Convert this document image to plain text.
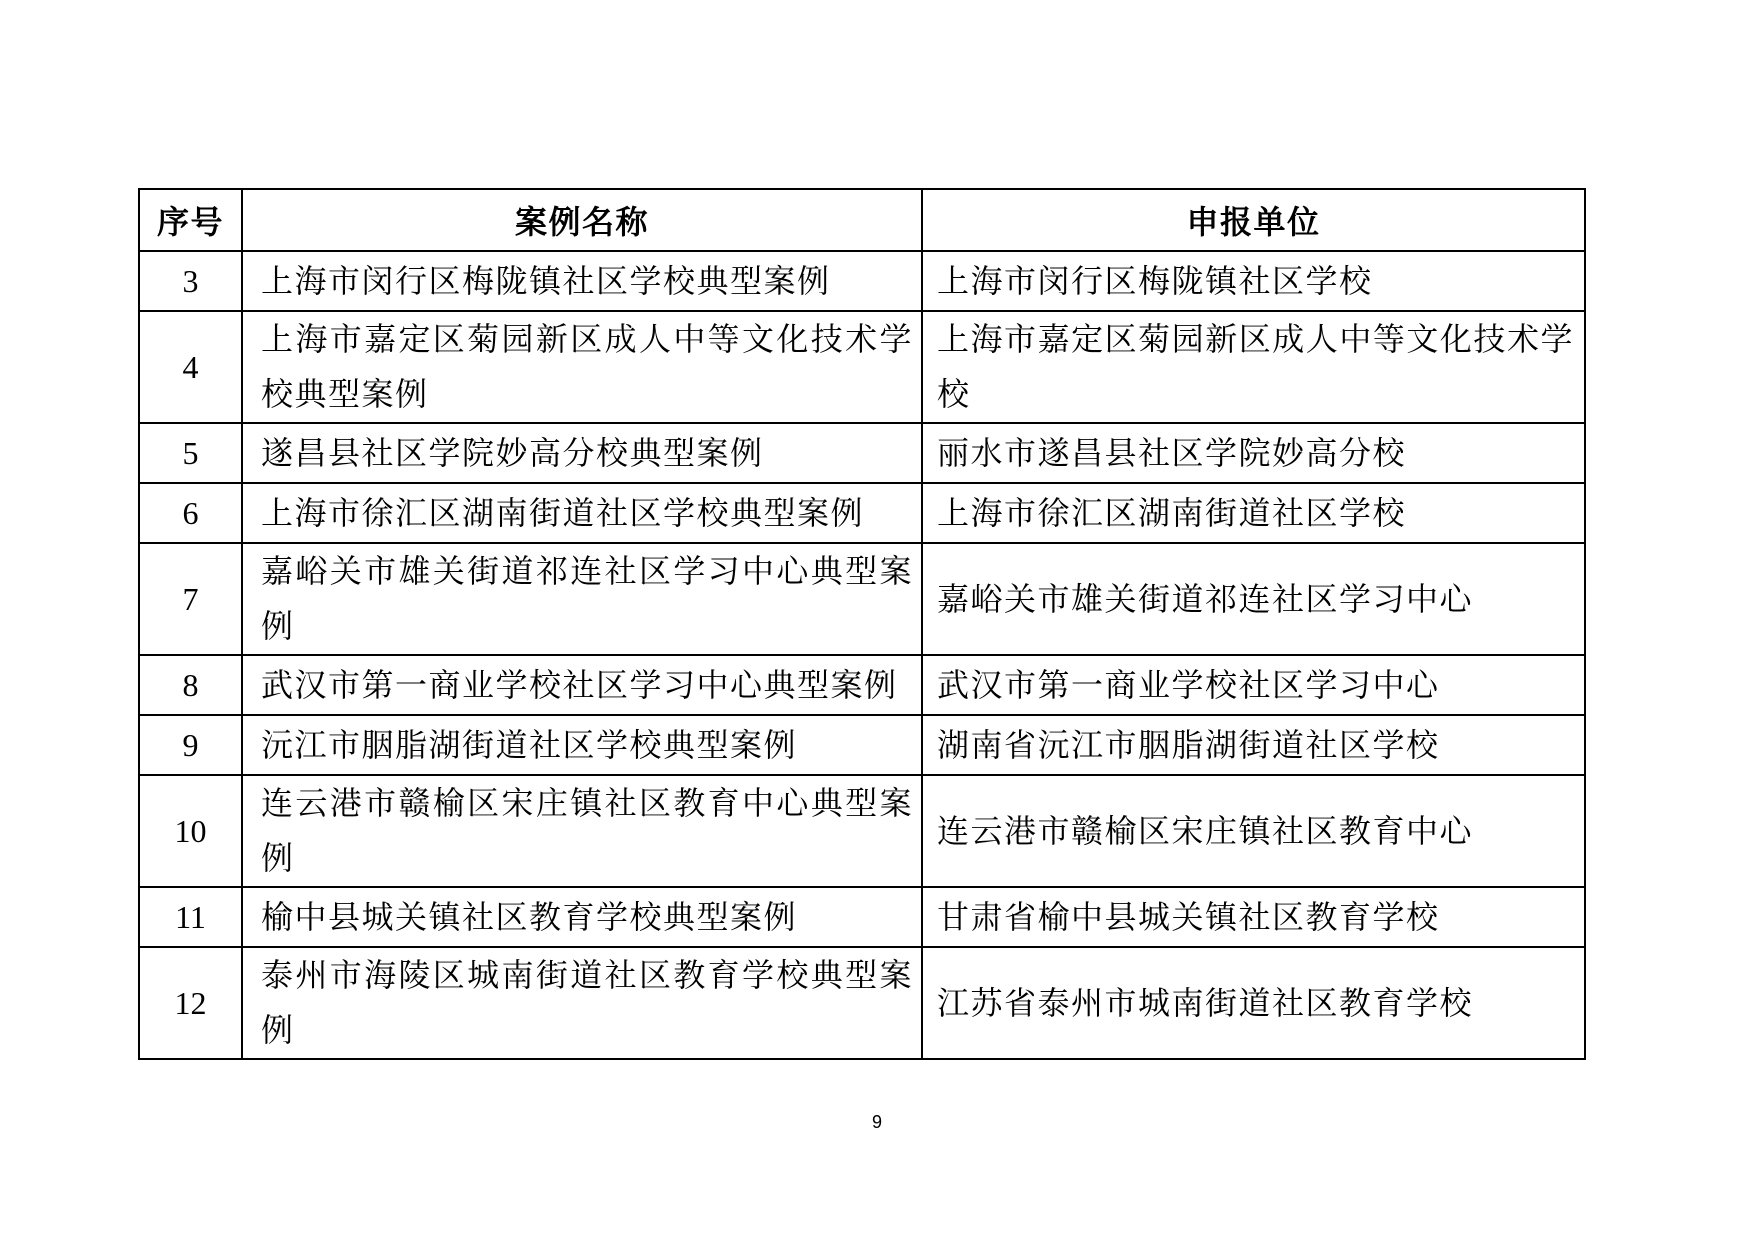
序号	案例名称	申报单位
3	上海市闵行区梅陇镇社区学校典型案例	上海市闵行区梅陇镇社区学校
4	上海市嘉定区菊园新区成人中等文化技术学校典型案例	上海市嘉定区菊园新区成人中等文化技术学校
5	遂昌县社区学院妙高分校典型案例	丽水市遂昌县社区学院妙高分校
6	上海市徐汇区湖南街道社区学校典型案例	上海市徐汇区湖南街道社区学校
7	嘉峪关市雄关街道祁连社区学习中心典型案例	嘉峪关市雄关街道祁连社区学习中心
8	武汉市第一商业学校社区学习中心典型案例	武汉市第一商业学校社区学习中心
9	沅江市胭脂湖街道社区学校典型案例	湖南省沅江市胭脂湖街道社区学校
10	连云港市赣榆区宋庄镇社区教育中心典型案例	连云港市赣榆区宋庄镇社区教育中心
11	榆中县城关镇社区教育学校典型案例	甘肃省榆中县城关镇社区教育学校
12	泰州市海陵区城南街道社区教育学校典型案例	江苏省泰州市城南街道社区教育学校
9
